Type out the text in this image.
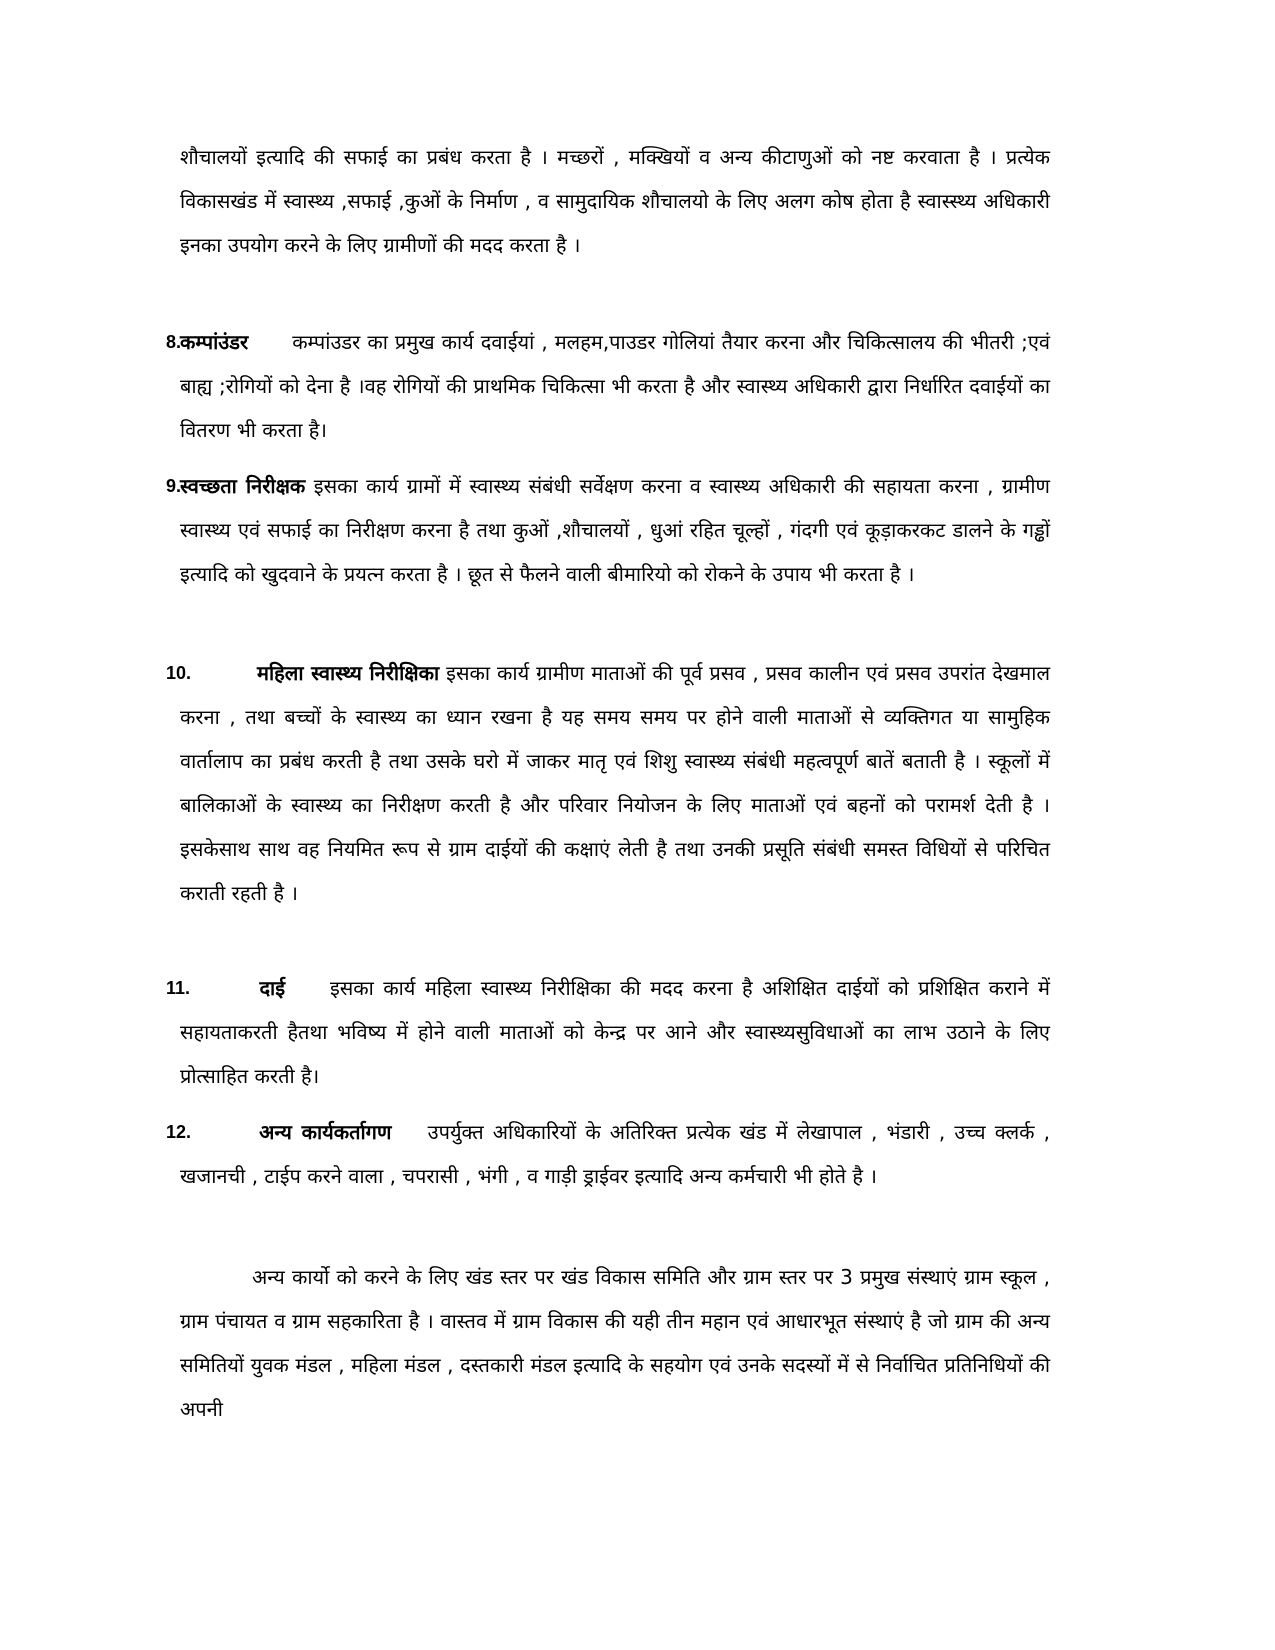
शौचालयों इत्यादि की सफाई का प्रबंध करता है । मच्छरों , मक्खियों व अन्य कीटाणुओं को नष्ट करवाता है । प्रत्येक विकासखंड में स्वास्थ्य ,सफाई ,कुओं के निर्माण , व सामुदायिक शौचालयो के लिए अलग कोष होता है स्वास्स्थ्य अधिकारी इनका उपयोग करने के लिए ग्रामीणों की मदद करता है ।

8.
कम्पांउंडर कम्पांउडर का प्रमुख कार्य दवाईयां , मलहम,पाउडर गोलियां तैयार करना और चिकित्सालय की भीतरी ;एवं बाह्य ;रोगियों को देना है ।वह रोगियों की प्राथमिक चिकित्सा भी करता है और स्वास्थ्य अधिकारी द्वारा निर्धारित दवाईयों का वितरण भी करता है।
9.
स्वच्छता निरीक्षक इसका कार्य ग्रामों में स्वास्थ्य संबंधी सर्वेक्षण करना व स्वास्थ्य अधिकारी की सहायता करना , ग्रामीण स्वास्थ्य एवं सफाई का निरीक्षण करना है तथा कुओं ,शौचालयों , धुआं रहित चूल्हों , गंदगी एवं कूड़ाकरकट डालने के गड्ढों इत्यादि को खुदवाने के प्रयत्न करता है । छूत से फैलने वाली बीमारियो को रोकने के उपाय भी करता है ।
10.	महिला स्वास्थ्य निरीक्षिका इसका कार्य ग्रामीण माताओं की पूर्व प्रसव , प्रसव कालीन एवं प्रसव उपरांत देखमाल करना , तथा बच्चों के स्वास्थ्य का ध्यान रखना है यह समय समय पर होने वाली माताओं से व्यक्तिगत या सामुहिक वार्तालाप का प्रबंध करती है तथा उसके घरो में जाकर मातृ एवं शिशु स्वास्थ्य संबंधी महत्वपूर्ण बातें बताती है । स्कूलों में बालिकाओं के स्वास्थ्य का निरीक्षण करती है और परिवार नियोजन के लिए माताओं एवं बहनों को परामर्श देती है । इसकेसाथ साथ वह नियमित रूप से ग्राम दाईयों की कक्षाएं लेती है तथा उनकी प्रसूति संबंधी समस्त विधियों से परिचित कराती रहती है ।
11.	दाई इसका कार्य महिला स्वास्थ्य निरीक्षिका की मदद करना है अशिक्षित दाईयों को प्रशिक्षित कराने में सहायताकरती हैतथा भविष्य में होने वाली माताओं को केन्द्र पर आने और स्वास्थ्यसुविधाओं का लाभ उठाने के लिए प्रोत्साहित करती है।
12.	अन्य कार्यकर्तागण उपर्युक्त अधिकारियों के अतिरिक्त प्रत्येक खंड में लेखापाल , भंडारी , उच्च क्लर्क , खजानची , टाईप करने वाला , चपरासी , भंगी , व गाड़ी ड्राईवर इत्यादि अन्य कर्मचारी भी होते है ।

अन्य कार्यो को करने के लिए खंड स्तर पर खंड विकास समिति और ग्राम स्तर पर 3 प्रमुख संस्थाएं ग्राम स्कूल , ग्राम पंचायत व ग्राम सहकारिता है । वास्तव में ग्राम विकास की यही तीन महान एवं आधारभूत संस्थाएं है जो ग्राम की अन्य समितियों युवक मंडल , महिला मंडल , दस्तकारी मंडल इत्यादि के सहयोग एवं उनके सदस्यों में से निर्वाचित प्रतिनिधियों की अपनी
